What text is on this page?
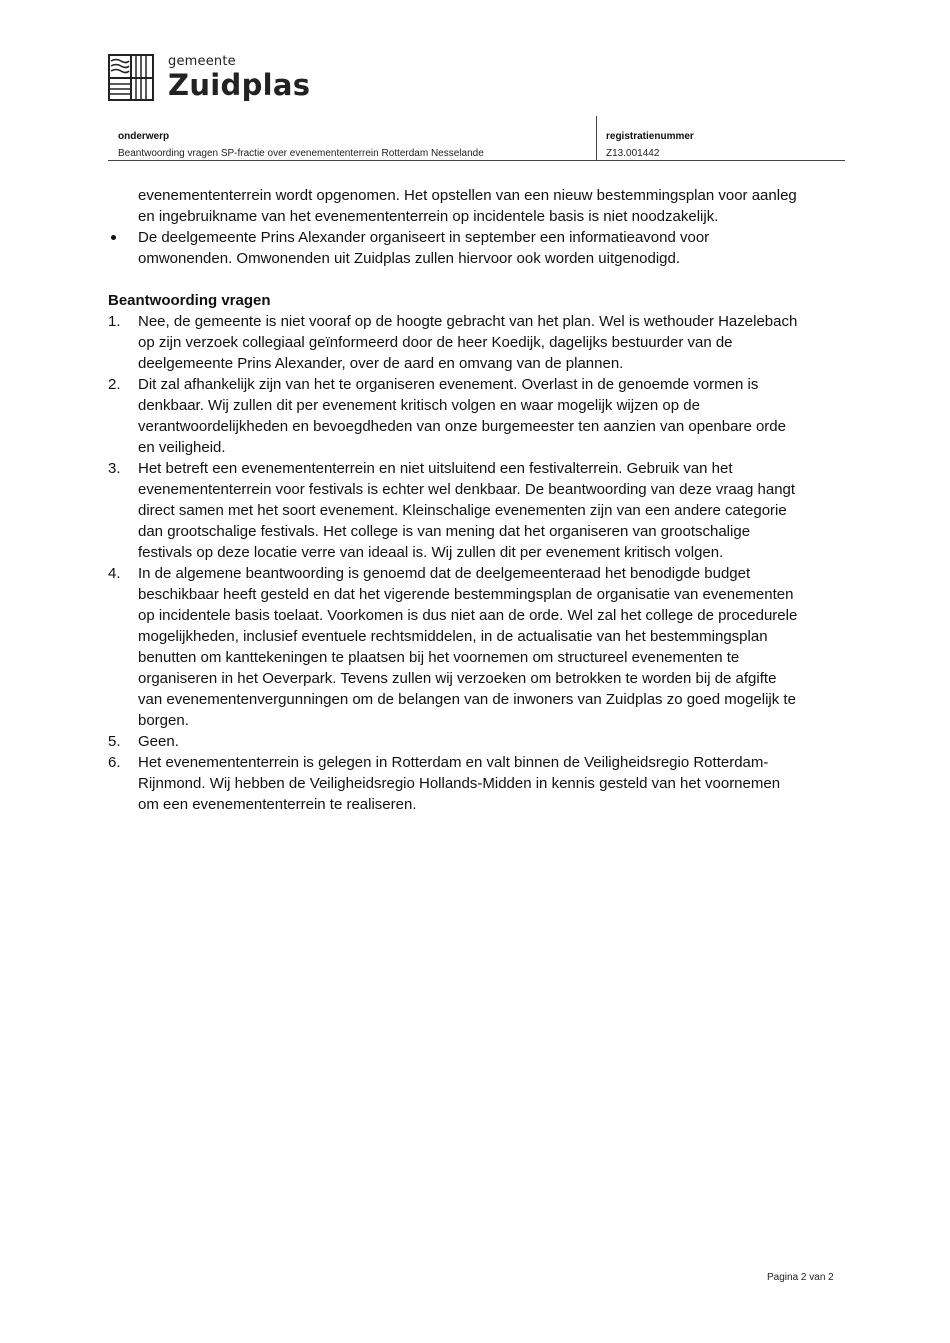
gemeente
Zuidplas
onderwerp
Beantwoording vragen SP-fractie over evenemententerrein Rotterdam Nesselande
registratienummer
Z13.001442
evenemententerrein wordt opgenomen. Het opstellen van een nieuw bestemmingsplan voor aanleg
en ingebruikname van het evenemententerrein op incidentele basis is niet noodzakelijk.
De deelgemeente Prins Alexander organiseert in september een informatieavond voor
omwonenden. Omwonenden uit Zuidplas zullen hiervoor ook worden uitgenodigd.
Beantwoording vragen
1. Nee, de gemeente is niet vooraf op de hoogte gebracht van het plan. Wel is wethouder Hazelebach
op zijn verzoek collegiaal geïnformeerd door de heer Koedijk, dagelijks bestuurder van de
deelgemeente Prins Alexander, over de aard en omvang van de plannen.
2. Dit zal afhankelijk zijn van het te organiseren evenement. Overlast in de genoemde vormen is
denkbaar. Wij zullen dit per evenement kritisch volgen en waar mogelijk wijzen op de
verantwoordelijkheden en bevoegdheden van onze burgemeester ten aanzien van openbare orde
en veiligheid.
3. Het betreft een evenemententerrein en niet uitsluitend een festivalterrein. Gebruik van het
evenemententerrein voor festivals is echter wel denkbaar. De beantwoording van deze vraag hangt
direct samen met het soort evenement. Kleinschalige evenementen zijn van een andere categorie
dan grootschalige festivals. Het college is van mening dat het organiseren van grootschalige
festivals op deze locatie verre van ideaal is. Wij zullen dit per evenement kritisch volgen.
4. In de algemene beantwoording is genoemd dat de deelgemeenteraad het benodigde budget
beschikbaar heeft gesteld en dat het vigerende bestemmingsplan de organisatie van evenementen
op incidentele basis toelaat. Voorkomen is dus niet aan de orde. Wel zal het college de procedurele
mogelijkheden, inclusief eventuele rechtsmiddelen, in de actualisatie van het bestemmingsplan
benutten om kanttekeningen te plaatsen bij het voornemen om structureel evenementen te
organiseren in het Oeverpark. Tevens zullen wij verzoeken om betrokken te worden bij de afgifte
van evenementenvergunningen om de belangen van de inwoners van Zuidplas zo goed mogelijk te
borgen.
5. Geen.
6. Het evenemententerrein is gelegen in Rotterdam en valt binnen de Veiligheidsregio Rotterdam-
Rijnmond. Wij hebben de Veiligheidsregio Hollands-Midden in kennis gesteld van het voornemen
om een evenemententerrein te realiseren.
Pagina 2 van 2
